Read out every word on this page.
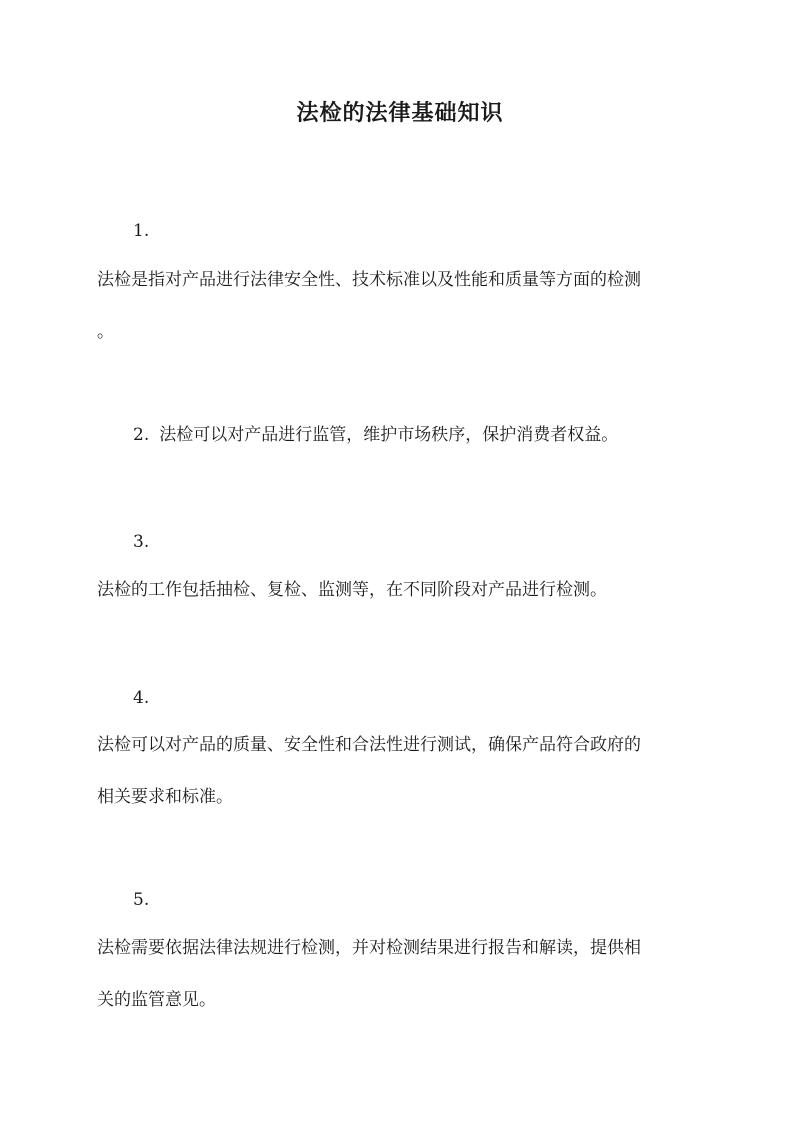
法检的法律基础知识

1.

法检是指对产品进行法律安全性、技术标准以及性能和质量等方面的检测
。

2. 法检可以对产品进行监管，维护市场秩序，保护消费者权益。

3.

法检的工作包括抽检、复检、监测等，在不同阶段对产品进行检测。

4.

法检可以对产品的质量、安全性和合法性进行测试，确保产品符合政府的
相关要求和标准。

5.

法检需要依据法律法规进行检测，并对检测结果进行报告和解读，提供相
关的监管意见。
